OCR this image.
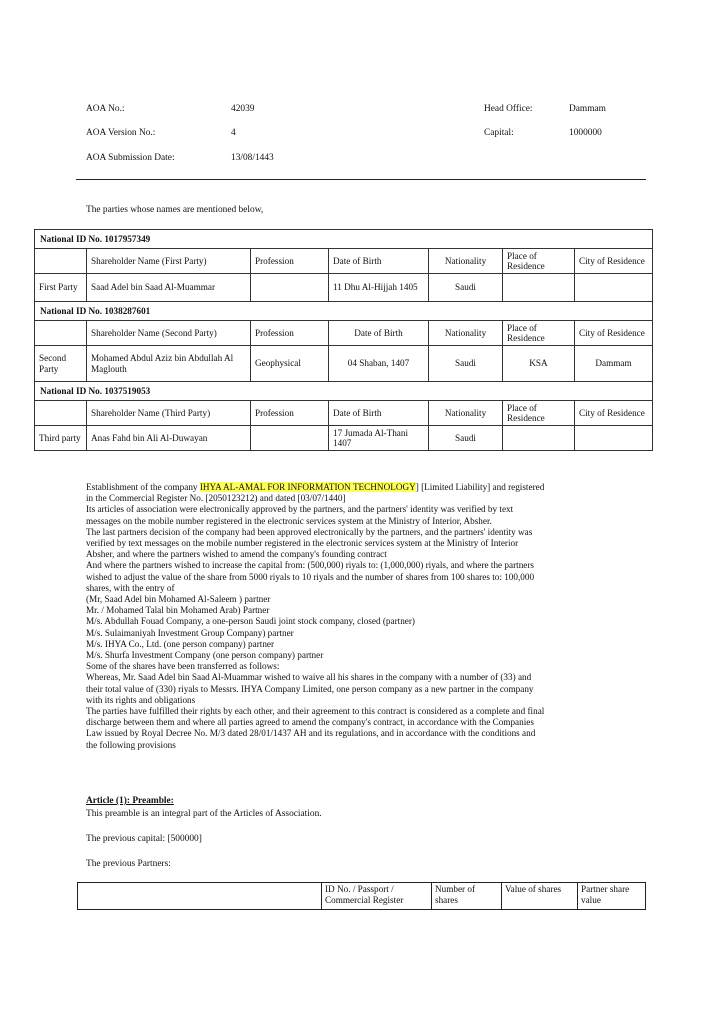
AOA No.:	42039
AOA Version No.:	4
AOA Submission Date:	13/08/1443
Head Office:	Dammam
Capital:	1000000
The parties whose names are mentioned below,
National ID No. 1017957349						
	Shareholder Name (First Party)	Profession	Date of Birth	Nationality	Place of Residence	City of Residence
First Party	Saad Adel bin Saad Al-Muammar		11 Dhu Al-Hijjah 1405	Saudi		
National ID No. 1038287601						
	Shareholder Name (Second Party)	Profession	Date of Birth	Nationality	Place of Residence	City of Residence
Second Party	Mohamed Abdul Aziz bin Abdullah Al Maglouth	Geophysical	04 Shaban, 1407	Saudi	KSA	Dammam
National ID No. 1037519053						
	Shareholder Name (Third Party)	Profession	Date of Birth	Nationality	Place of Residence	City of Residence
Third party	Anas Fahd bin Ali Al-Duwayan		17 Jumada Al-Thani 1407	Saudi		
Establishment of the company IHYA AL-AMAL FOR INFORMATION TECHNOLOGY] [Limited Liability] and registered
in the Commercial Register No. [2050123212) and dated [03/07/1440]
Its articles of association were electronically approved by the partners, and the partners' identity was verified by text
messages on the mobile number registered in the electronic services system at the Ministry of Interior, Absher.
The last partners decision of the company had been approved electronically by the partners, and the partners' identity was
verified by text messages on the mobile number registered in the electronic services system at the Ministry of Interior
Absher, and where the partners wished to amend the company's founding contract
And where the partners wished to increase the capital from: (500,000) riyals to: (1,000,000) riyals, and where the partners
wished to adjust the value of the share from 5000 riyals to 10 riyals and the number of shares from 100 shares to: 100,000
shares, with the entry of
(Mr, Saad Adel bin Mohamed Al-Saleem ) partner
Mr. / Mohamed Talal bin Mohamed Arab) Partner
M/s. Abdullah Fouad Company, a one-person Saudi joint stock company, closed (partner)
M/s. Sulaimaniyah Investment Group Company) partner
M/s. IHYA Co., Ltd. (one person company) partner
M/s. Shurfa Investment Company (one person company) partner
Some of the shares have been transferred as follows:
Whereas, Mr. Saad Adel bin Saad Al-Muammar wished to waive all his shares in the company with a number of (33) and
their total value of (330) riyals to Messrs. IHYA Company Limited, one person company as a new partner in the company
with its rights and obligations
The parties have fulfilled their rights by each other, and their agreement to this contract is considered as a complete and final
discharge between them and where all parties agreed to amend the company's contract, in accordance with the Companies
Law issued by Royal Decree No. M/3 dated 28/01/1437 AH and its regulations, and in accordance with the conditions and
the following provisions
Article (1): Preamble:
This preamble is an integral part of the Articles of Association.
The previous capital: [500000]
The previous Partners:
	ID No. / Passport / Commercial Register	Number of shares	Value of shares	Partner share value
